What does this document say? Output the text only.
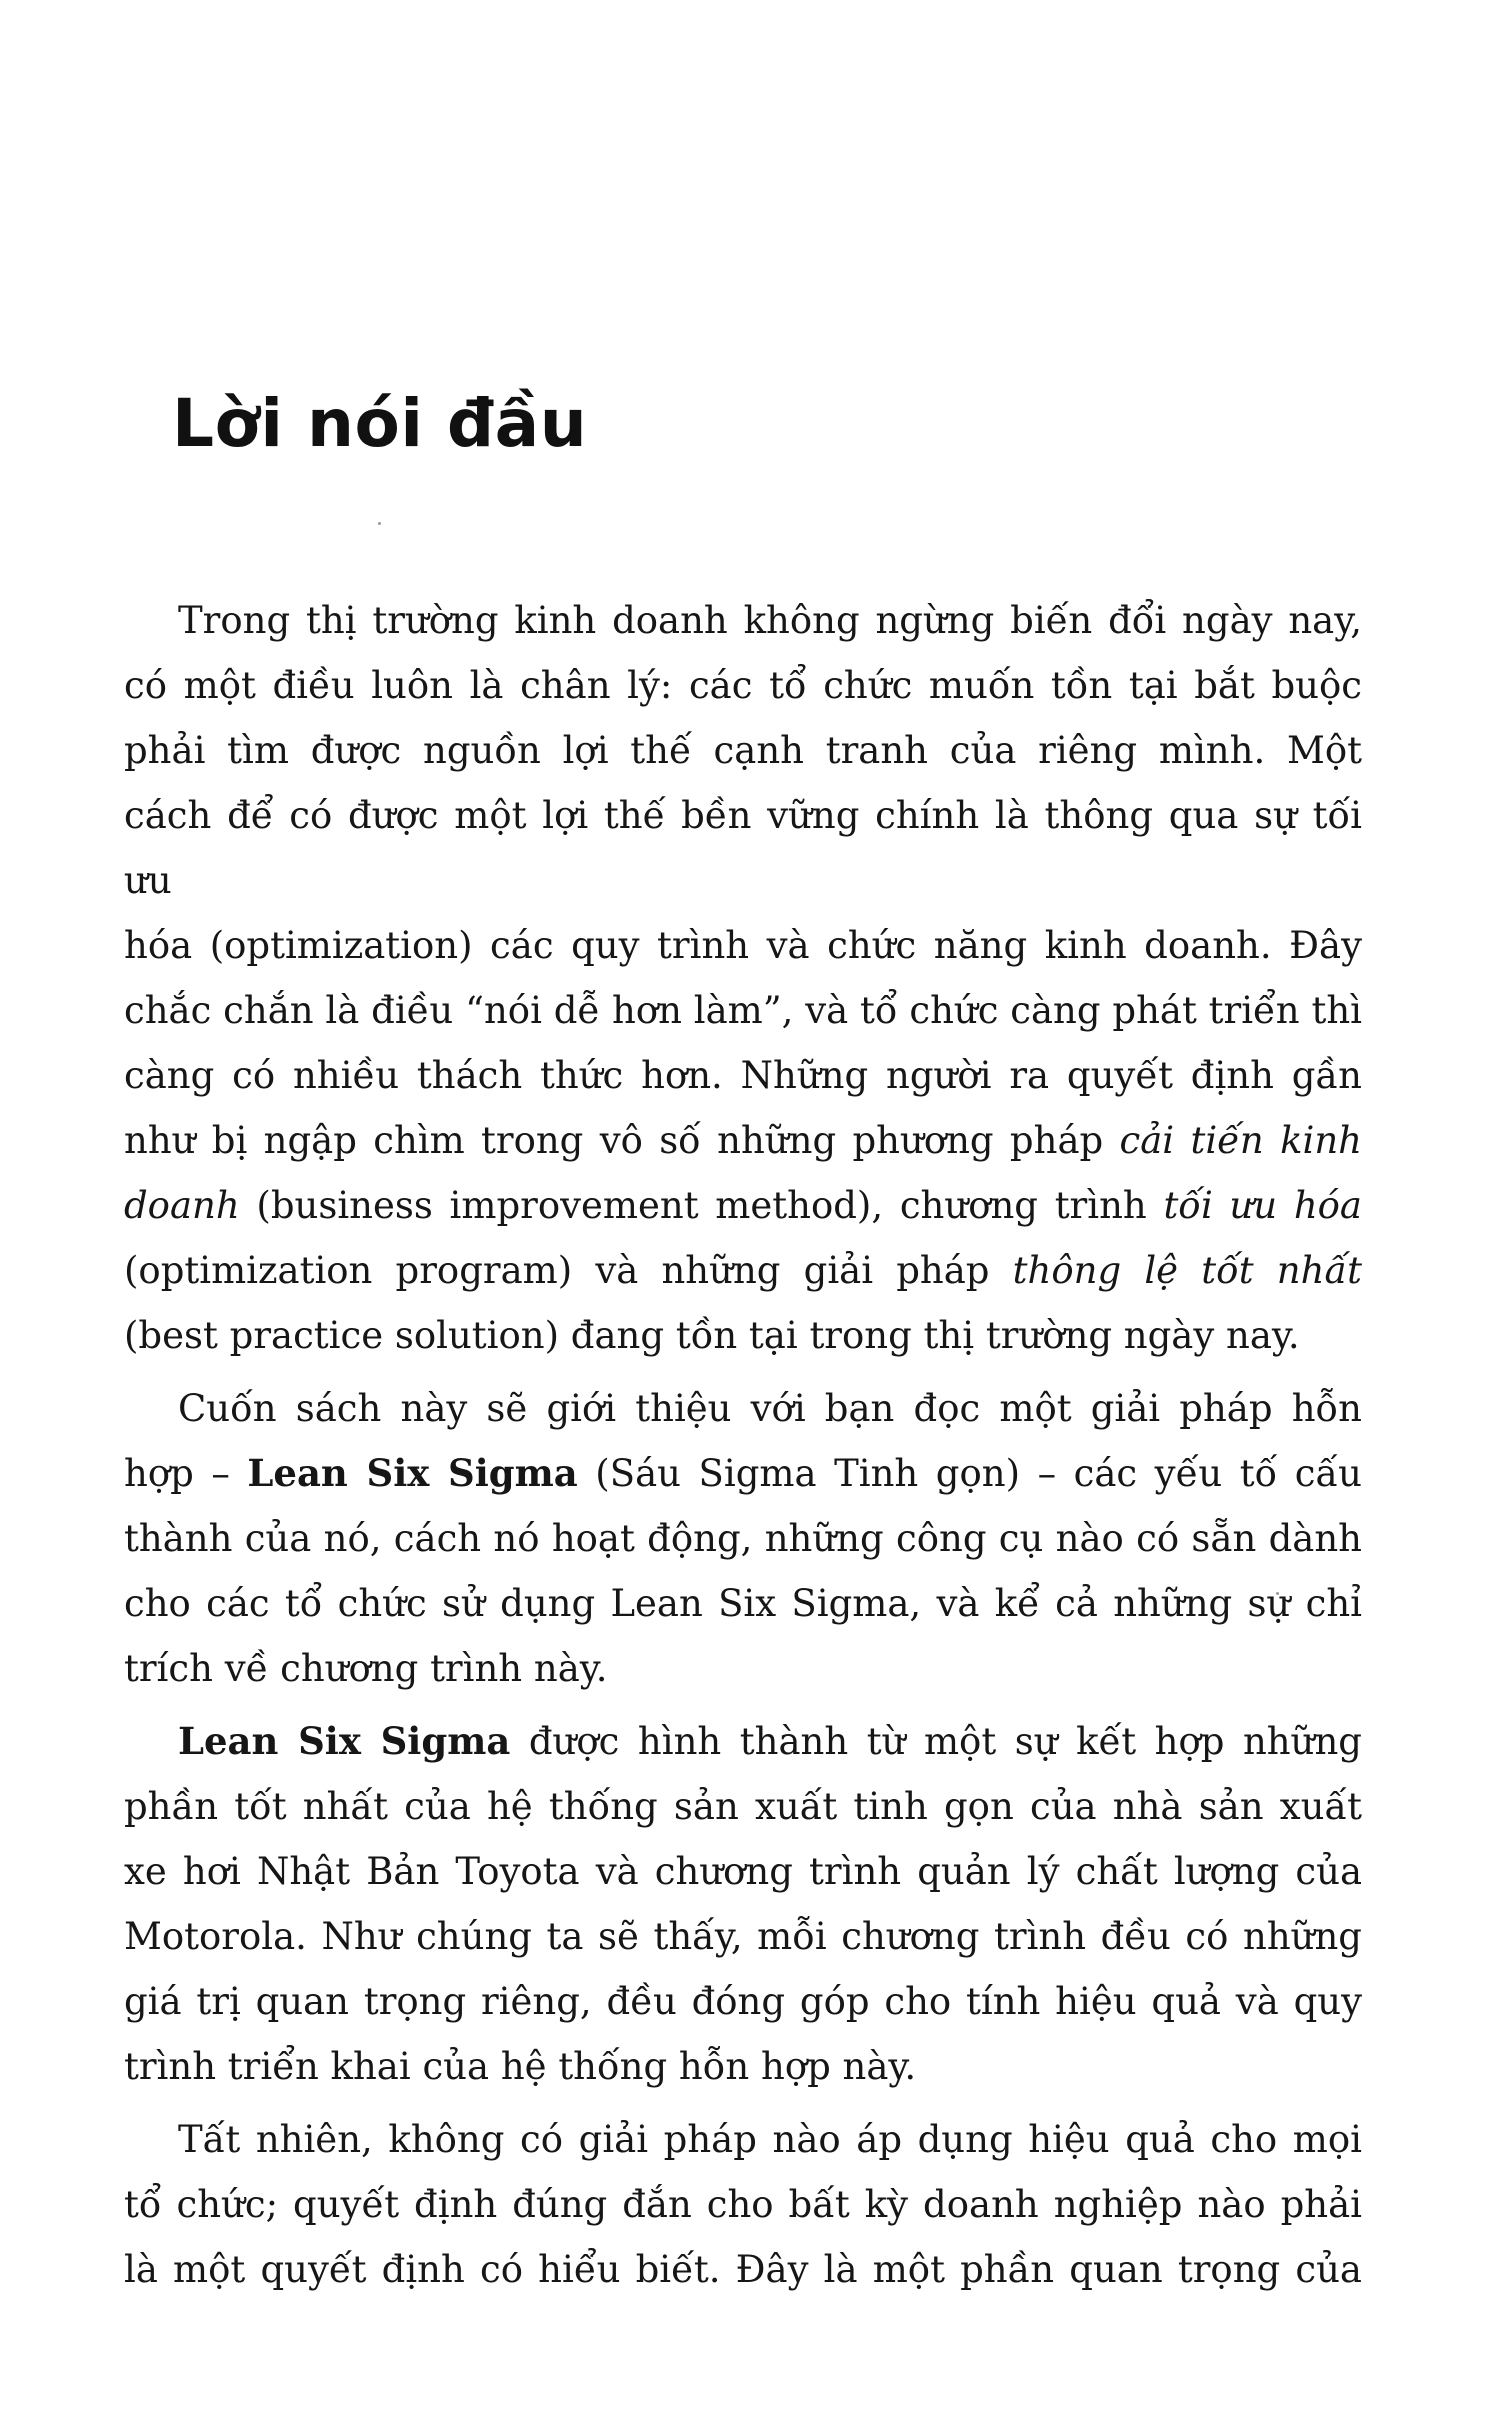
Lời nói đầu

Trong thị trường kinh doanh không ngừng biến đổi ngày nay,
có một điều luôn là chân lý: các tổ chức muốn tồn tại bắt buộc
phải tìm được nguồn lợi thế cạnh tranh của riêng mình. Một
cách để có được một lợi thế bền vững chính là thông qua sự tối ưu
hóa (optimization) các quy trình và chức năng kinh doanh. Đây
chắc chắn là điều “nói dễ hơn làm”, và tổ chức càng phát triển thì
càng có nhiều thách thức hơn. Những người ra quyết định gần
như bị ngập chìm trong vô số những phương pháp cải tiến kinh
doanh (business improvement method), chương trình tối ưu hóa
(optimization program) và những giải pháp thông lệ tốt nhất
(best practice solution) đang tồn tại trong thị trường ngày nay.

Cuốn sách này sẽ giới thiệu với bạn đọc một giải pháp hỗn
hợp – Lean Six Sigma (Sáu Sigma Tinh gọn) – các yếu tố cấu
thành của nó, cách nó hoạt động, những công cụ nào có sẵn dành
cho các tổ chức sử dụng Lean Six Sigma, và kể cả những sự chỉ
trích về chương trình này.

Lean Six Sigma được hình thành từ một sự kết hợp những
phần tốt nhất của hệ thống sản xuất tinh gọn của nhà sản xuất
xe hơi Nhật Bản Toyota và chương trình quản lý chất lượng của
Motorola. Như chúng ta sẽ thấy, mỗi chương trình đều có những
giá trị quan trọng riêng, đều đóng góp cho tính hiệu quả và quy
trình triển khai của hệ thống hỗn hợp này.

Tất nhiên, không có giải pháp nào áp dụng hiệu quả cho mọi
tổ chức; quyết định đúng đắn cho bất kỳ doanh nghiệp nào phải
là một quyết định có hiểu biết. Đây là một phần quan trọng của
